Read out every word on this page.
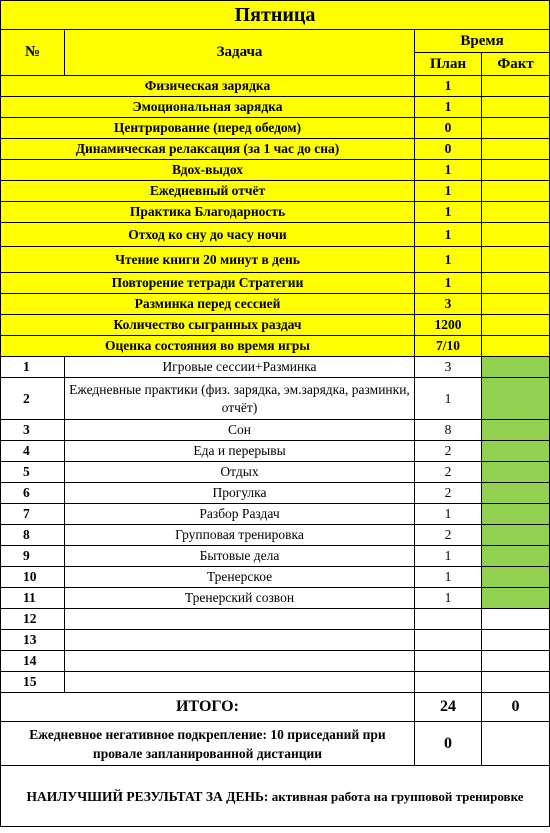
Пятница			
№	Задача	Время	
		План	Факт
Физическая зарядка		1	
Эмоциональная зарядка		1	
Центрирование (перед обедом)		0	
Динамическая релаксация (за 1 час до сна)		0	
Вдох-выдох		1	
Ежедневный отчёт		1	
Практика Благодарность		1	
Отход ко сну до часу ночи		1	
Чтение книги 20 минут в день		1	
Повторение тетради Стратегии		1	
Разминка перед сессией		3	
Количество сыгранных раздач		1200	
Оценка состояния во время игры		7/10	
1	Игровые сессии+Разминка	3	
2	Ежедневные практики (физ. зарядка, эм.зарядка, разминки, отчёт)	1	
3	Сон	8	
4	Еда и перерывы	2	
5	Отдых	2	
6	Прогулка	2	
7	Разбор Раздач	1	
8	Групповая тренировка	2	
9	Бытовые дела	1	
10	Тренерское	1	
11	Тренерский созвон	1	
12			
13			
14			
15			
ИТОГО:		24	0
Ежедневное негативное подкрепление: 10 приседаний при провале запланированной дистанции		0	
НАИЛУЧШИЙ РЕЗУЛЬТАТ ЗА ДЕНЬ: активная работа на групповой тренировке			
